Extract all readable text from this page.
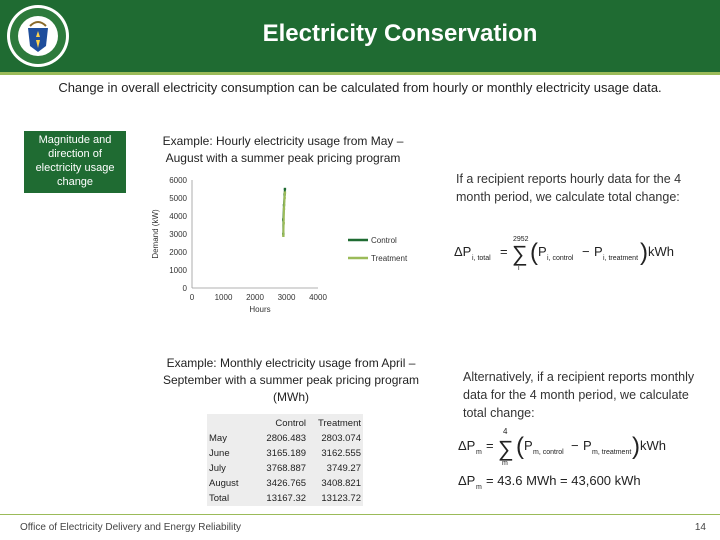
Electricity Conservation
Change in overall electricity consumption can be calculated from hourly or monthly electricity usage data.
Magnitude and direction of electricity usage change
Example: Hourly electricity usage from May – August with a summer peak pricing program
0
1000
2000
3000
4000
5000
6000
0	1000 2000 3000 4000
Control
Treatment
Demand (kW)
Hours
If a recipient reports hourly data for the 4 month period, we calculate total change:
ΔP i, total = ∑
2952
i
( P i, control − P i, treatment ) kWh
Example: Monthly electricity usage from April – September with a summer peak pricing program (MWh)
	Control	Treatment
May	2806.483	2803.074
June	3165.189	3162.555
July	3768.887	3749.27
August	3426.765	3408.821
Total	13167.32	13123.72
Alternatively, if a recipient reports monthly data for the 4 month period, we calculate total change:
ΔP m = ∑
4
m
( P m, control − P m, treatment ) kWh
ΔP m = 43.6 MWh = 43,600 kWh
Office of Electricity Delivery and Energy Reliability	14
